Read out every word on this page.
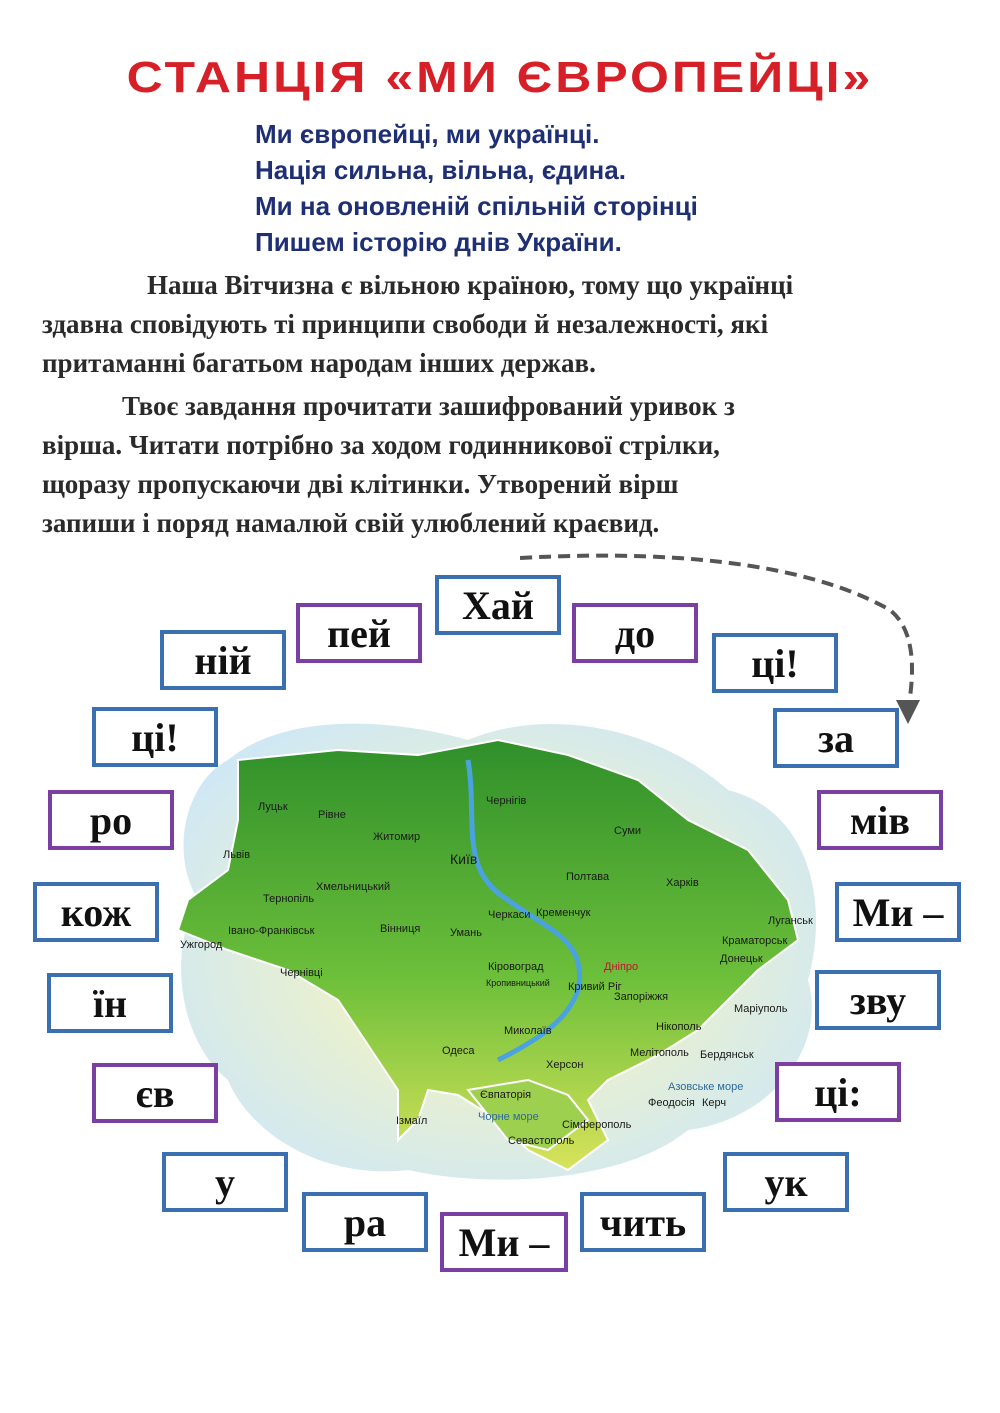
СТАНЦІЯ «МИ ЄВРОПЕЙЦІ»
Ми європейці, ми українці.
Нація сильна, вільна, єдина.
Ми на оновленій спільній сторінці
Пишем історію днів України.
Наша Вітчизна є вільною країною, тому що українці
здавна сповідують ті принципи свободи й незалежності, які
притаманні багатьом народам інших держав.
Твоє завдання прочитати зашифрований уривок з
вірша. Читати потрібно за ходом годинникової стрілки,
щоразу пропускаючи дві клітинки. Утворений вірш
запиши і поряд намалюй свій улюблений краєвид.
Луцьк
Рівне
Житомир
Чернігів
Суми
Львів	Київ
Полтава	Харків
Тернопіль
Хмельницький
Черкаси	Луганськ
Ужгород
Івано-Франківськ	Вінниця
Кіровоград	Дніпро
Донецьк
Чернівці
Запоріжжя
Миколаїв
Одеса
Херсон
Мелітополь Бердянськ
Маріуполь
Ізмаїл
Севастополь
Сімферополь
Керч
Феодосія
Євпаторія
Умань
Кременчук
Кривий Ріг
Краматорськ
Нікополь
Кропивницький
Чорне море
Азовське море
Хай
до
ці!
за
мів
Ми –
зву
ці:
ук
чить
Ми –
ра
у
єв
їн
кож
ро
ці!
ній
пей
